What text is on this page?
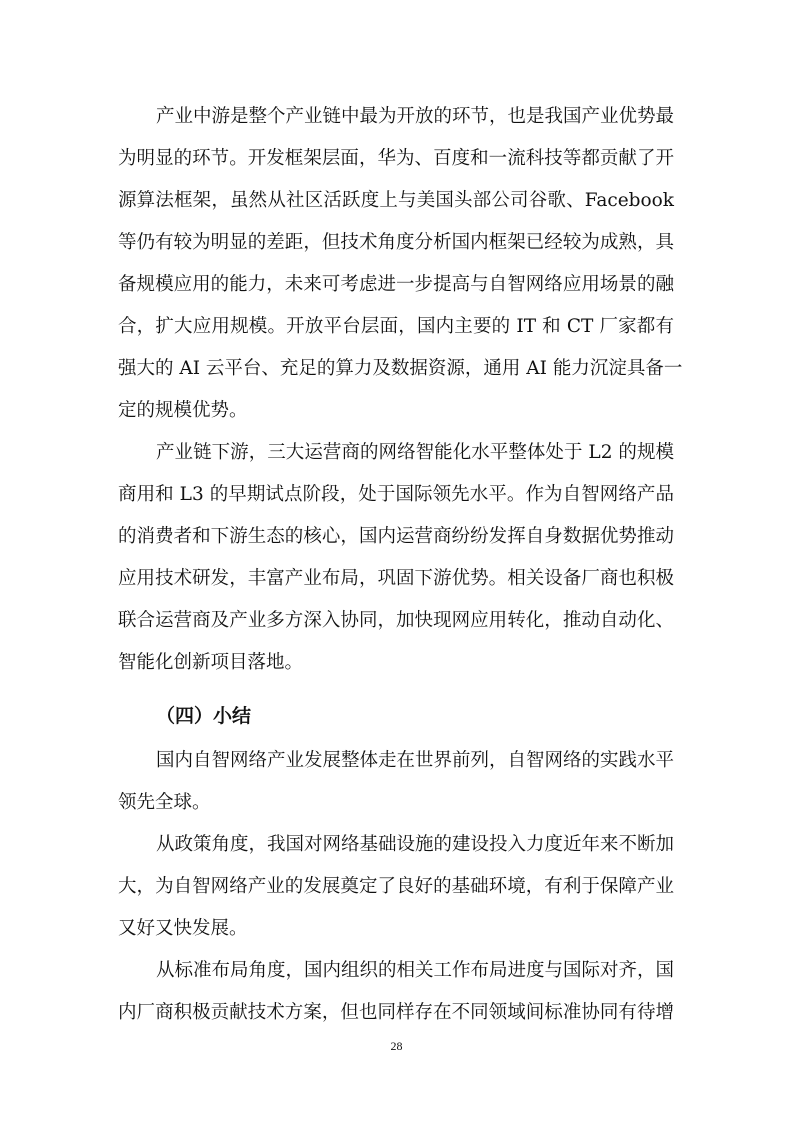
产业中游是整个产业链中最为开放的环节，也是我国产业优势最
为明显的环节。开发框架层面，华为、百度和一流科技等都贡献了开
源算法框架，虽然从社区活跃度上与美国头部公司谷歌、Facebook
等仍有较为明显的差距，但技术角度分析国内框架已经较为成熟，具
备规模应用的能力，未来可考虑进一步提高与自智网络应用场景的融
合，扩大应用规模。开放平台层面，国内主要的 IT 和 CT 厂家都有
强大的 AI 云平台、充足的算力及数据资源，通用 AI 能力沉淀具备一
定的规模优势。
产业链下游，三大运营商的网络智能化水平整体处于 L2 的规模
商用和 L3 的早期试点阶段，处于国际领先水平。作为自智网络产品
的消费者和下游生态的核心，国内运营商纷纷发挥自身数据优势推动
应用技术研发，丰富产业布局，巩固下游优势。相关设备厂商也积极
联合运营商及产业多方深入协同，加快现网应用转化，推动自动化、
智能化创新项目落地。
国内自智网络产业发展整体走在世界前列，自智网络的实践水平
领先全球。
从政策角度，我国对网络基础设施的建设投入力度近年来不断加
大，为自智网络产业的发展奠定了良好的基础环境，有利于保障产业
又好又快发展。
从标准布局角度，国内组织的相关工作布局进度与国际对齐，国
内厂商积极贡献技术方案，但也同样存在不同领域间标准协同有待增
（四）小结
28
